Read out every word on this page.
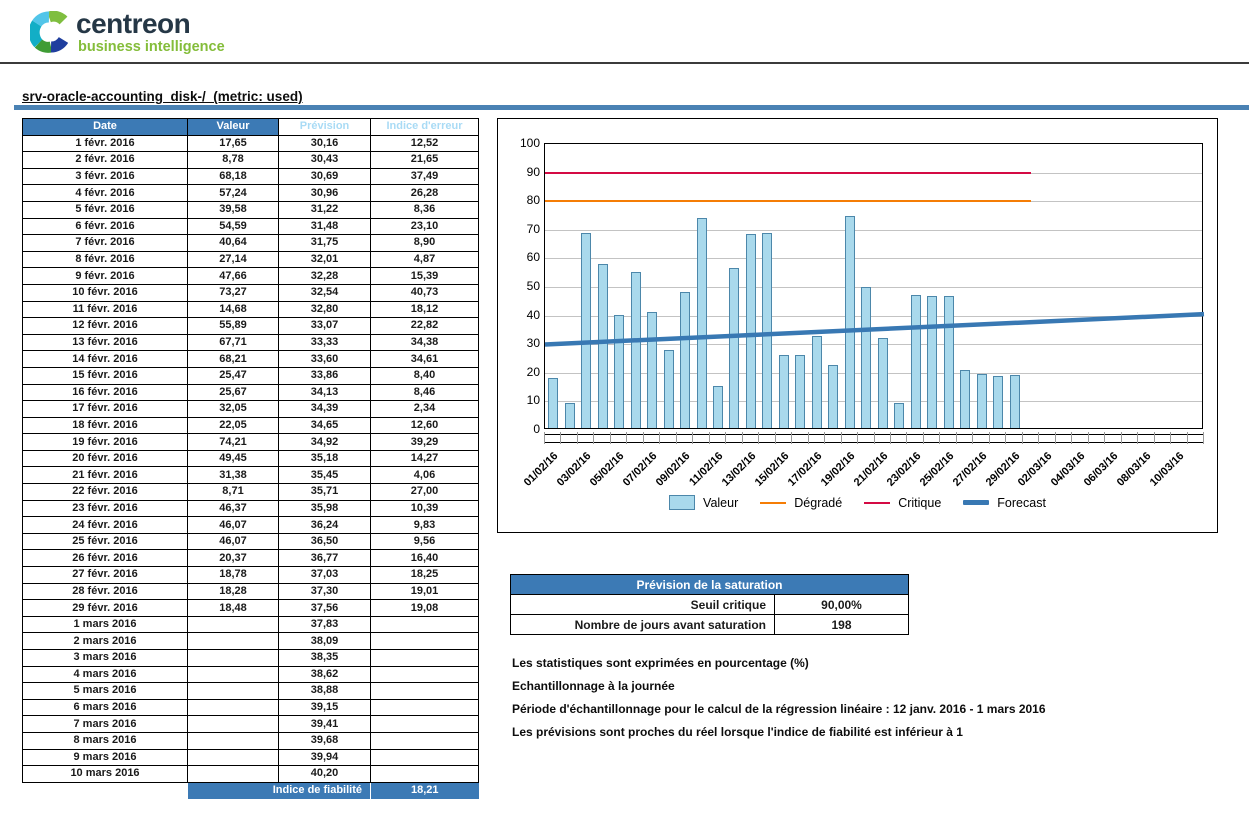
centreon
business intelligence
srv-oracle-accounting  disk-/  (metric: used)
Date	Valeur	Prévision	Indice d'erreur
1 févr. 2016	17,65	30,16	12,52
2 févr. 2016	8,78	30,43	21,65
3 févr. 2016	68,18	30,69	37,49
4 févr. 2016	57,24	30,96	26,28
5 févr. 2016	39,58	31,22	8,36
6 févr. 2016	54,59	31,48	23,10
7 févr. 2016	40,64	31,75	8,90
8 févr. 2016	27,14	32,01	4,87
9 févr. 2016	47,66	32,28	15,39
10 févr. 2016	73,27	32,54	40,73
11 févr. 2016	14,68	32,80	18,12
12 févr. 2016	55,89	33,07	22,82
13 févr. 2016	67,71	33,33	34,38
14 févr. 2016	68,21	33,60	34,61
15 févr. 2016	25,47	33,86	8,40
16 févr. 2016	25,67	34,13	8,46
17 févr. 2016	32,05	34,39	2,34
18 févr. 2016	22,05	34,65	12,60
19 févr. 2016	74,21	34,92	39,29
20 févr. 2016	49,45	35,18	14,27
21 févr. 2016	31,38	35,45	4,06
22 févr. 2016	8,71	35,71	27,00
23 févr. 2016	46,37	35,98	10,39
24 févr. 2016	46,07	36,24	9,83
25 févr. 2016	46,07	36,50	9,56
26 févr. 2016	20,37	36,77	16,40
27 févr. 2016	18,78	37,03	18,25
28 févr. 2016	18,28	37,30	19,01
29 févr. 2016	18,48	37,56	19,08
1 mars 2016		37,83	
2 mars 2016		38,09	
3 mars 2016		38,35	
4 mars 2016		38,62	
5 mars 2016		38,88	
6 mars 2016		39,15	
7 mars 2016		39,41	
8 mars 2016		39,68	
9 mars 2016		39,94	
10 mars 2016		40,20	
	Indice de fiabilité		18,21
0
10
20
30
40
50
60
70
80
90
100
01/02/16
03/02/16
05/02/16
07/02/16
09/02/16
11/02/16
13/02/16
15/02/16
17/02/16
19/02/16
21/02/16
23/02/16
25/02/16
27/02/16
29/02/16
02/03/16
04/03/16
06/03/16
08/03/16
10/03/16
Valeur	Dégradé	Critique	Forecast
Prévision de la saturation	
Seuil critique	90,00%
Nombre de jours avant saturation	198

Les statistiques sont exprimées en pourcentage (%)

Echantillonnage à la journée

Période d'échantillonnage pour le calcul de la régression linéaire : 12 janv. 2016 - 1 mars 2016

Les prévisions sont proches du réel lorsque l'indice de fiabilité est inférieur à 1
